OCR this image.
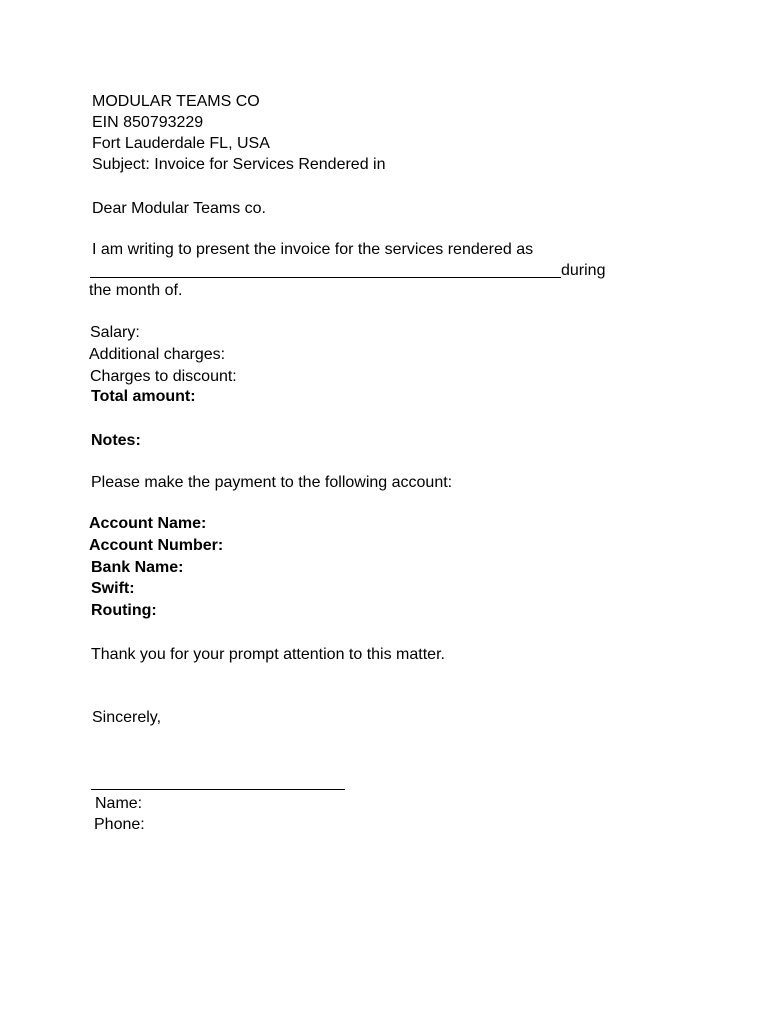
MODULAR TEAMS CO
EIN 850793229
Fort Lauderdale FL, USA
Subject: Invoice for Services Rendered in
Dear Modular Teams co.
I am writing to present the invoice for the services rendered as
during
the month of.
Salary:
Additional charges:
Charges to discount:
Total amount:
Notes:
Please make the payment to the following account:
Account Name:
Account Number:
Bank Name:
Swift:
Routing:
Thank you for your prompt attention to this matter.
Sincerely,
Name:
Phone:
